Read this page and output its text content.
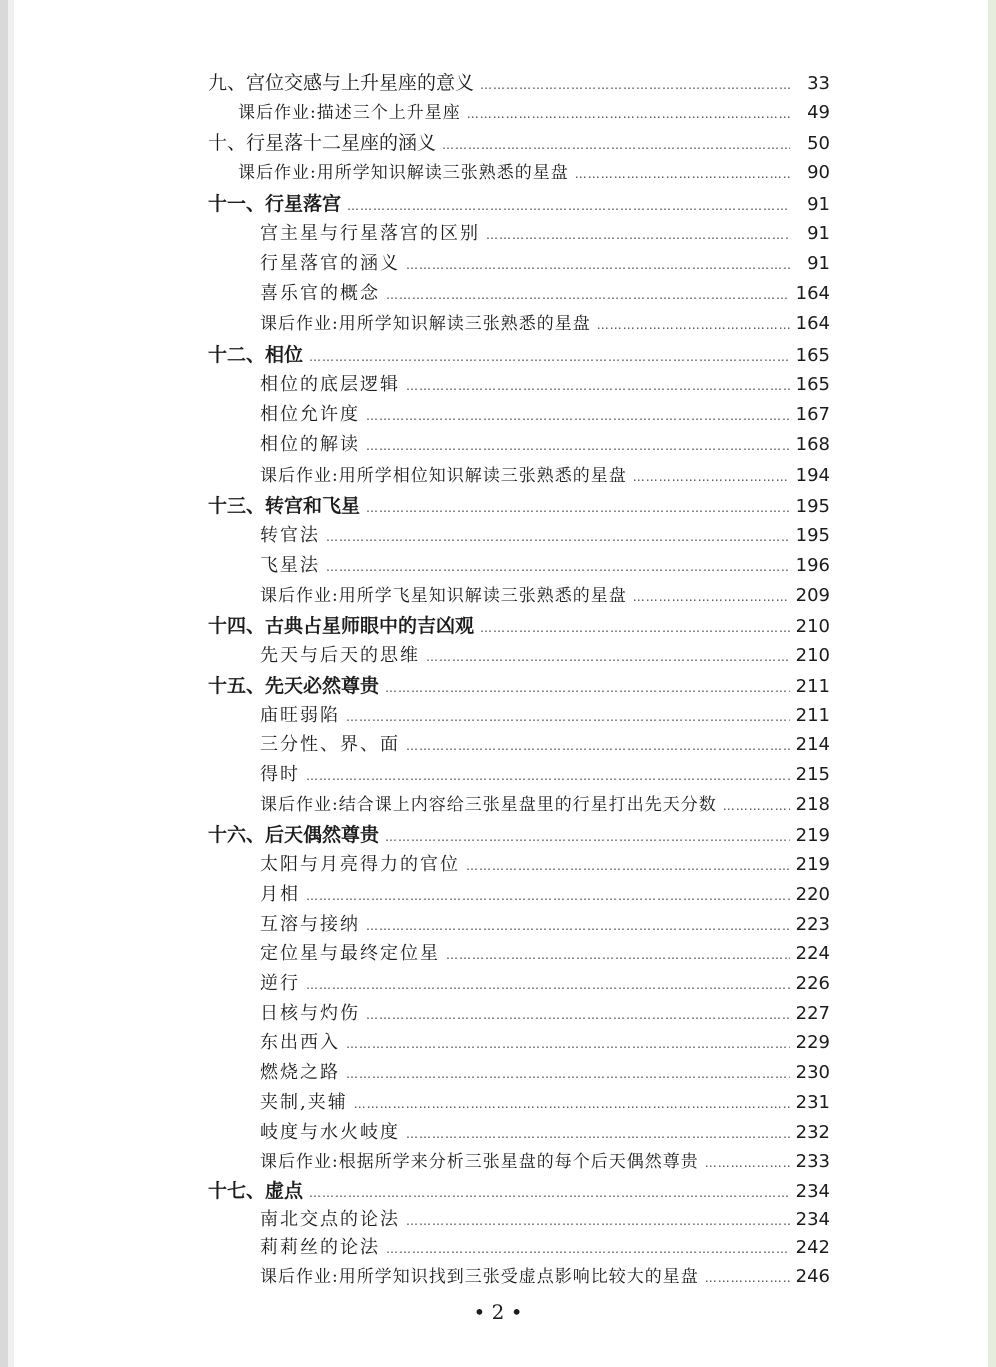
九、宫位交感与上升星座的意义 ……………………………………………………………………………………………………………………………………………………………………	33
课后作业:描述三个上升星座 ……………………………………………………………………………………………………………………………………………………………………	49
十、行星落十二星座的涵义 ……………………………………………………………………………………………………………………………………………………………………	50
课后作业:用所学知识解读三张熟悉的星盘 ……………………………………………………………………………………………………………………………………………………………………	90
十一、行星落宫 ……………………………………………………………………………………………………………………………………………………………………	91
宫主星与行星落宫的区别 ……………………………………………………………………………………………………………………………………………………………………	91
行星落官的涵义 ……………………………………………………………………………………………………………………………………………………………………	91
喜乐官的概念 ……………………………………………………………………………………………………………………………………………………………………	164
课后作业:用所学知识解读三张熟悉的星盘 ……………………………………………………………………………………………………………………………………………………………………	164
十二、相位 ……………………………………………………………………………………………………………………………………………………………………	165
相位的底层逻辑 ……………………………………………………………………………………………………………………………………………………………………	165
相位允许度 ……………………………………………………………………………………………………………………………………………………………………	167
相位的解读 ……………………………………………………………………………………………………………………………………………………………………	168
课后作业:用所学相位知识解读三张熟悉的星盘 ……………………………………………………………………………………………………………………………………………………………………	194
十三、转宫和飞星 ……………………………………………………………………………………………………………………………………………………………………	195
转官法 ……………………………………………………………………………………………………………………………………………………………………	195
飞星法 ……………………………………………………………………………………………………………………………………………………………………	196
课后作业:用所学飞星知识解读三张熟悉的星盘 ……………………………………………………………………………………………………………………………………………………………………	209
十四、古典占星师眼中的吉凶观 ……………………………………………………………………………………………………………………………………………………………………	210
先天与后天的思维 ……………………………………………………………………………………………………………………………………………………………………	210
十五、先天必然尊贵 ……………………………………………………………………………………………………………………………………………………………………	211
庙旺弱陷 ……………………………………………………………………………………………………………………………………………………………………	211
三分性、界、面 ……………………………………………………………………………………………………………………………………………………………………	214
得时 ……………………………………………………………………………………………………………………………………………………………………	215
课后作业:结合课上内容给三张星盘里的行星打出先天分数 ……………………………………………………………………………………………………………………………………………………………………	218
十六、后天偶然尊贵 ……………………………………………………………………………………………………………………………………………………………………	219
太阳与月亮得力的官位 ……………………………………………………………………………………………………………………………………………………………………	219
月相 ……………………………………………………………………………………………………………………………………………………………………	220
互溶与接纳 ……………………………………………………………………………………………………………………………………………………………………	223
定位星与最终定位星 ……………………………………………………………………………………………………………………………………………………………………	224
逆行 ……………………………………………………………………………………………………………………………………………………………………	226
日核与灼伤 ……………………………………………………………………………………………………………………………………………………………………	227
东出西入 ……………………………………………………………………………………………………………………………………………………………………	229
燃烧之路 ……………………………………………………………………………………………………………………………………………………………………	230
夹制,夹辅 ……………………………………………………………………………………………………………………………………………………………………	231
岐度与水火岐度 ……………………………………………………………………………………………………………………………………………………………………	232
课后作业:根据所学来分析三张星盘的每个后天偶然尊贵 ……………………………………………………………………………………………………………………………………………………………………	233
十七、虚点 ……………………………………………………………………………………………………………………………………………………………………	234
南北交点的论法 ……………………………………………………………………………………………………………………………………………………………………	234
莉莉丝的论法 ……………………………………………………………………………………………………………………………………………………………………	242
课后作业:用所学知识找到三张受虚点影响比较大的星盘 ……………………………………………………………………………………………………………………………………………………………………	246
• 2 •
